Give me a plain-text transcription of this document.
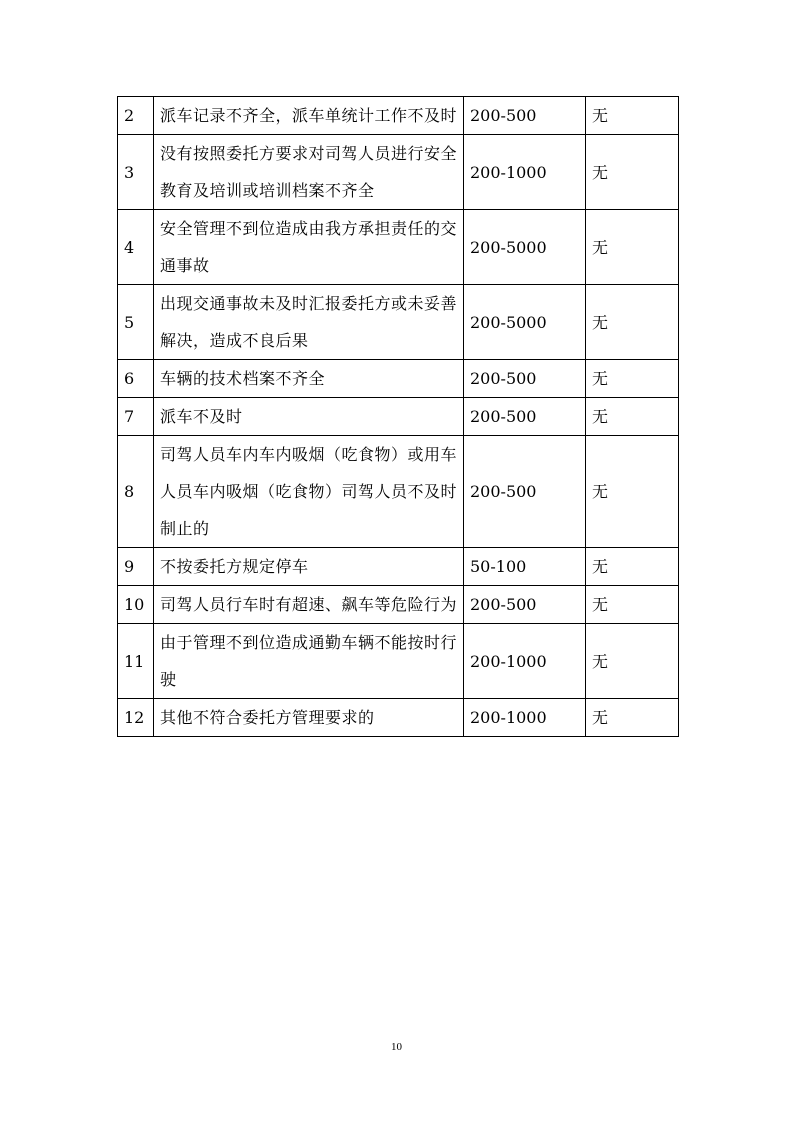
2	派车记录不齐全，派车单统计工作不及时	200-500	无
3	没有按照委托方要求对司驾人员进行安全教育及培训或培训档案不齐全	200-1000	无
4	安全管理不到位造成由我方承担责任的交通事故	200-5000	无
5	出现交通事故未及时汇报委托方或未妥善解决，造成不良后果	200-5000	无
6	车辆的技术档案不齐全	200-500	无
7	派车不及时	200-500	无
8	司驾人员车内车内吸烟（吃食物）或用车人员车内吸烟（吃食物）司驾人员不及时制止的	200-500	无
9	不按委托方规定停车	50-100	无
10	司驾人员行车时有超速、飙车等危险行为	200-500	无
11	由于管理不到位造成通勤车辆不能按时行驶	200-1000	无
12	其他不符合委托方管理要求的	200-1000	无
10
